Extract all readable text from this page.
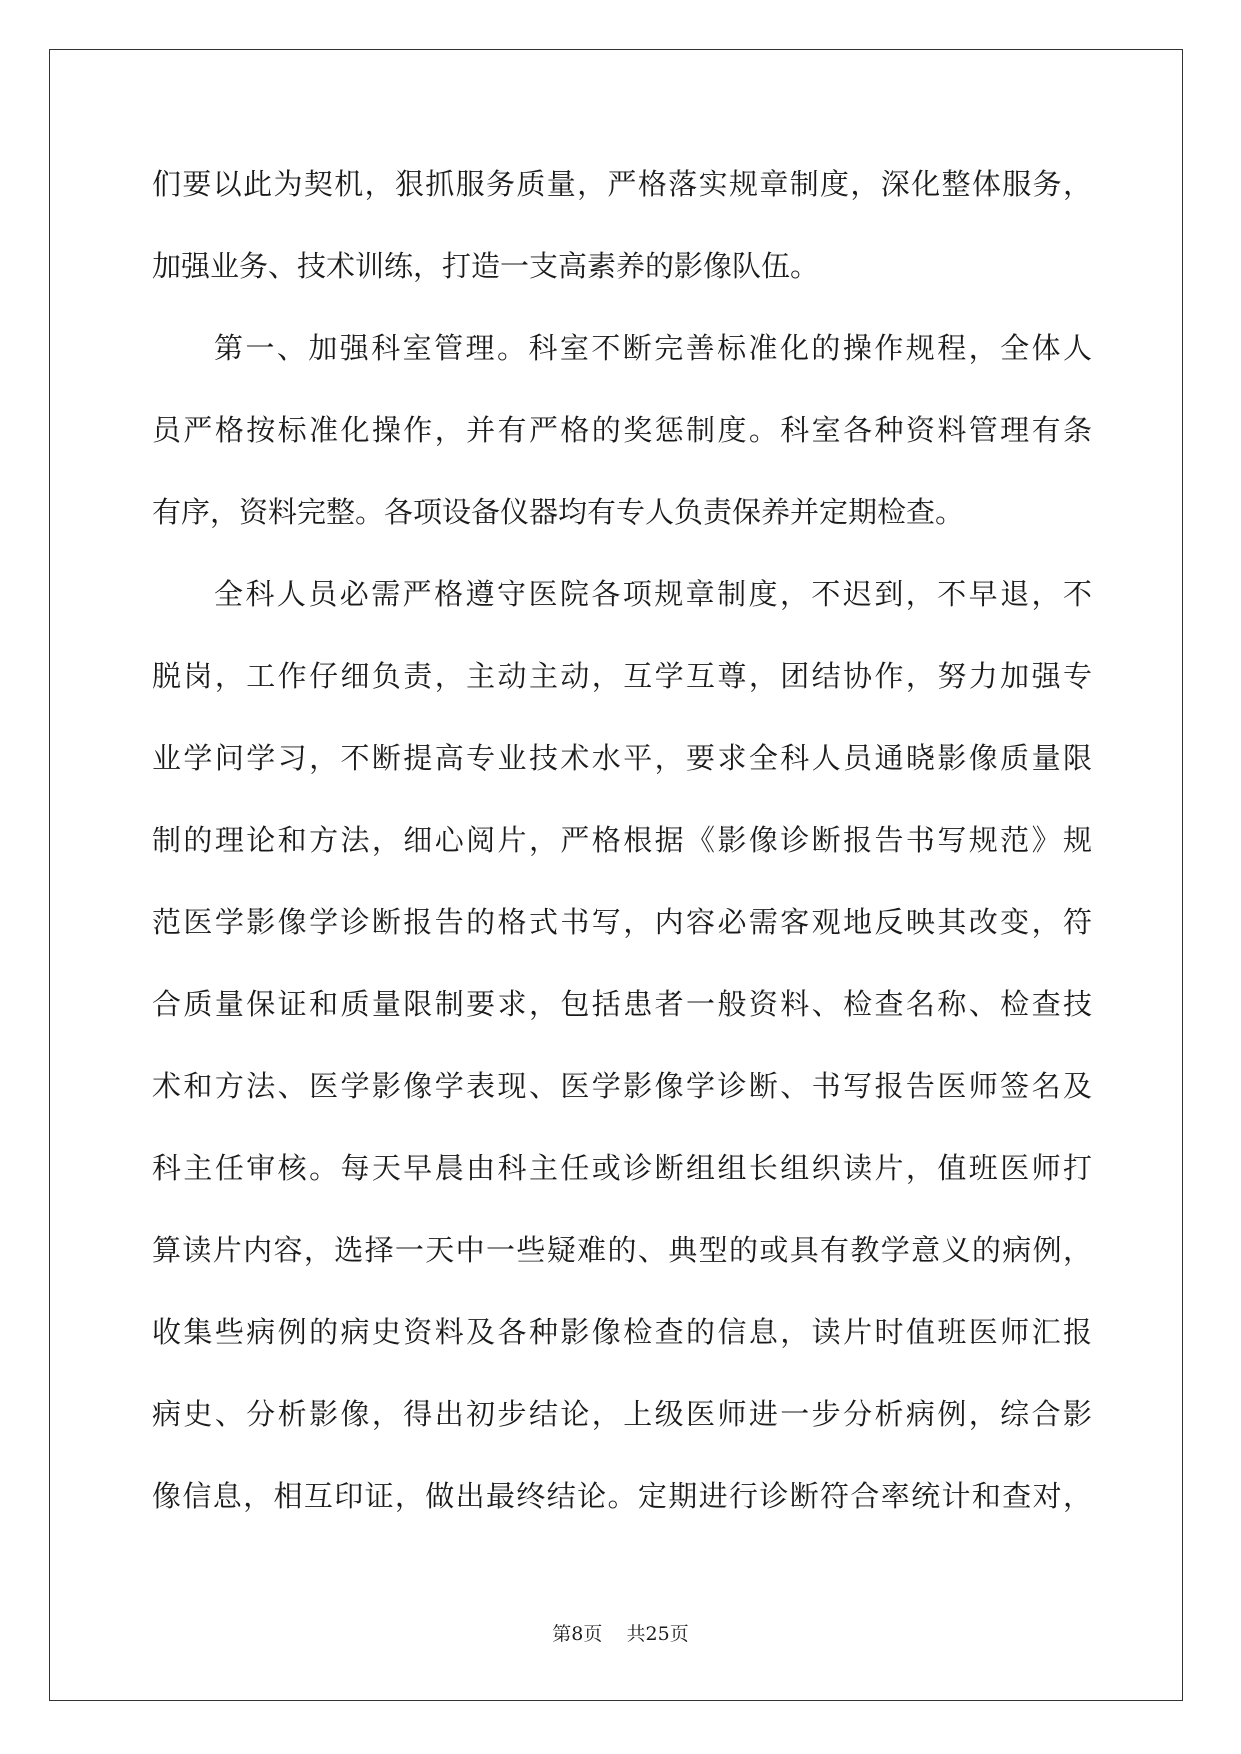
们要以此为契机，狠抓服务质量，严格落实规章制度，深化整体服务，
加强业务、技术训练，打造一支高素养的影像队伍。
第一、加强科室管理。科室不断完善标准化的操作规程，全体人
员严格按标准化操作，并有严格的奖惩制度。科室各种资料管理有条
有序，资料完整。各项设备仪器均有专人负责保养并定期检查。
全科人员必需严格遵守医院各项规章制度，不迟到，不早退，不
脱岗，工作仔细负责，主动主动，互学互尊，团结协作，努力加强专
业学问学习，不断提高专业技术水平，要求全科人员通晓影像质量限
制的理论和方法，细心阅片，严格根据《影像诊断报告书写规范》规
范医学影像学诊断报告的格式书写，内容必需客观地反映其改变，符
合质量保证和质量限制要求，包括患者一般资料、检查名称、检查技
术和方法、医学影像学表现、医学影像学诊断、书写报告医师签名及
科主任审核。每天早晨由科主任或诊断组组长组织读片，值班医师打
算读片内容，选择一天中一些疑难的、典型的或具有教学意义的病例，
收集些病例的病史资料及各种影像检查的信息，读片时值班医师汇报
病史、分析影像，得出初步结论，上级医师进一步分析病例，综合影
像信息，相互印证，做出最终结论。定期进行诊断符合率统计和查对，
第8页 共25页
